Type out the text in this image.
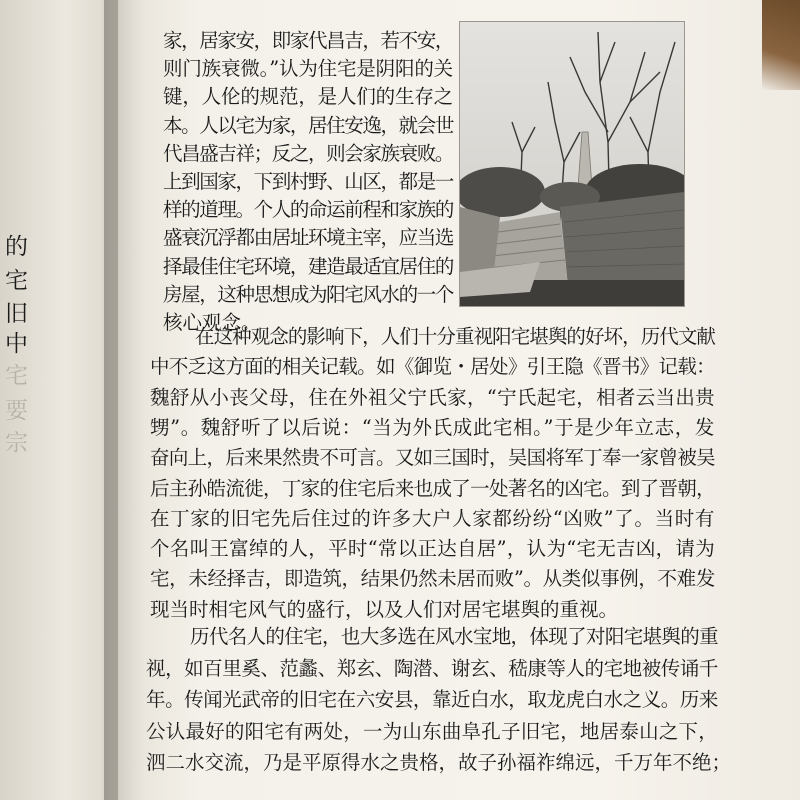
的
宅
旧
中
宅
要
宗
家，居家安，即家代昌吉，若不安，
则门族衰微。”认为住宅是阴阳的关
键，人伦的规范，是人们的生存之
本。人以宅为家，居住安逸，就会世
代昌盛吉祥；反之，则会家族衰败。
上到国家，下到村野、山区，都是一
样的道理。个人的命运前程和家族的
盛衰沉浮都由居址环境主宰，应当选
择最佳住宅环境，建造最适宜居住的
房屋，这种思想成为阳宅风水的一个
核心观念。
在这种观念的影响下，人们十分重视阳宅堪舆的好坏，历代文献
中不乏这方面的相关记载。如《御览・居处》引王隐《晋书》记载：
魏舒从小丧父母，住在外祖父宁氏家，“宁氏起宅，相者云当出贵
甥”。魏舒听了以后说：“当为外氏成此宅相。”于是少年立志，发
奋向上，后来果然贵不可言。又如三国时，吴国将军丁奉一家曾被吴
后主孙皓流徙，丁家的住宅后来也成了一处著名的凶宅。到了晋朝，
在丁家的旧宅先后住过的许多大户人家都纷纷“凶败”了。当时有
个名叫王富绰的人，平时“常以正达自居”，认为“宅无吉凶，请为
宅，未经择吉，即造筑，结果仍然未居而败”。从类似事例，不难发
现当时相宅风气的盛行，以及人们对居宅堪舆的重视。
历代名人的住宅，也大多选在风水宝地，体现了对阳宅堪舆的重
视，如百里奚、范蠡、郑玄、陶潜、谢玄、嵇康等人的宅地被传诵千
年。传闻光武帝的旧宅在六安县，靠近白水，取龙虎白水之义。历来
公认最好的阳宅有两处，一为山东曲阜孔子旧宅，地居泰山之下，
泗二水交流，乃是平原得水之贵格，故子孙福祚绵远，千万年不绝；
